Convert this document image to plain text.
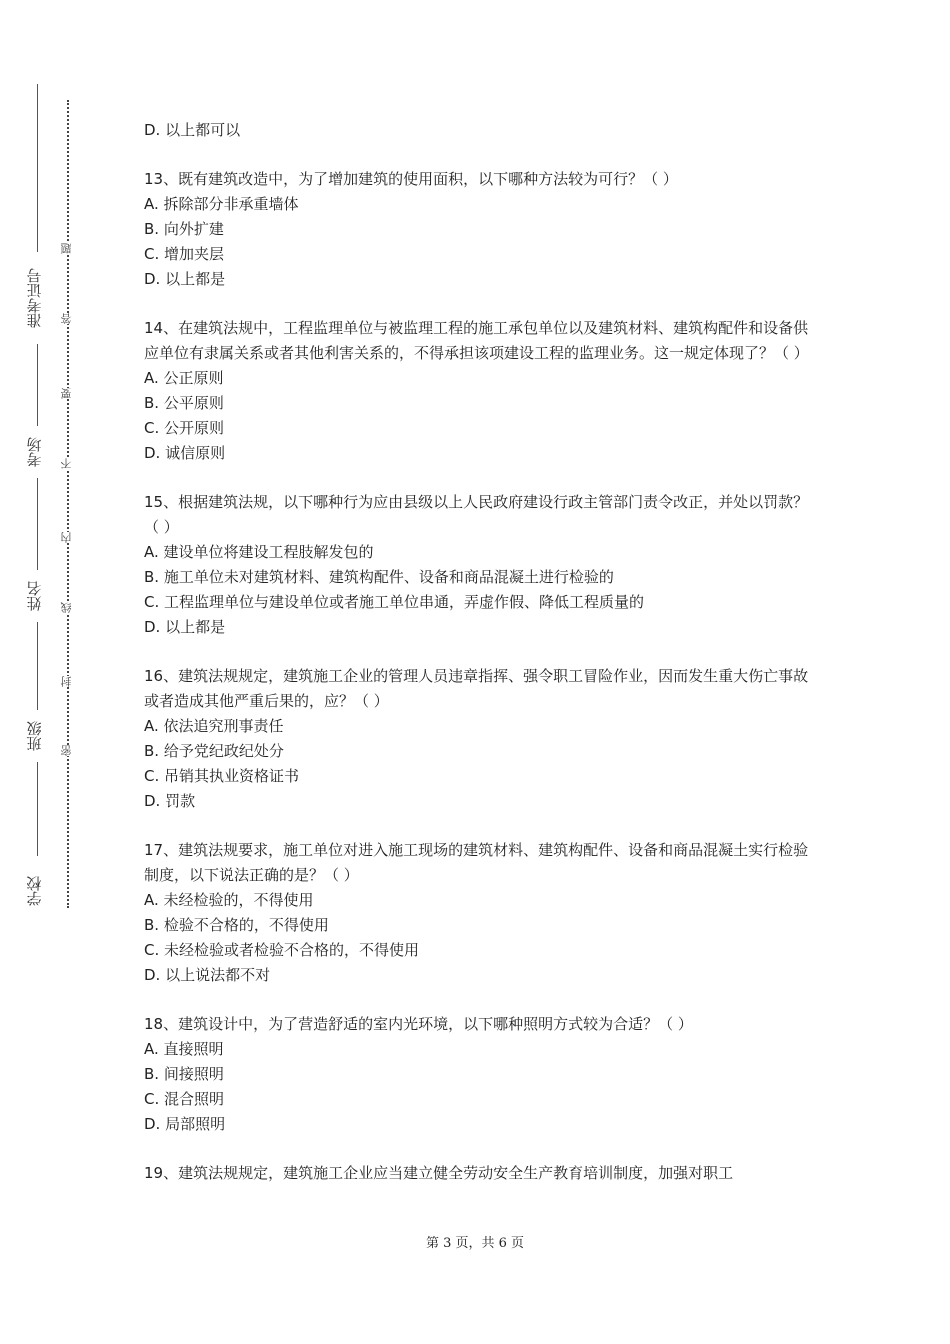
准考证号
考场
姓名
班级
学校
题
答
要
不
内
线
封
密
D. 以上都可以
13、既有建筑改造中，为了增加建筑的使用面积，以下哪种方法较为可行？（ ）
A. 拆除部分非承重墙体
B. 向外扩建
C. 增加夹层
D. 以上都是
14、在建筑法规中，工程监理单位与被监理工程的施工承包单位以及建筑材料、建筑构配件和设备供应单位有隶属关系或者其他利害关系的，不得承担该项建设工程的监理业务。这一规定体现了？（ ）
A. 公正原则
B. 公平原则
C. 公开原则
D. 诚信原则
15、根据建筑法规，以下哪种行为应由县级以上人民政府建设行政主管部门责令改正，并处以罚款？（ ）
A. 建设单位将建设工程肢解发包的
B. 施工单位未对建筑材料、建筑构配件、设备和商品混凝土进行检验的
C. 工程监理单位与建设单位或者施工单位串通，弄虚作假、降低工程质量的
D. 以上都是
16、建筑法规规定，建筑施工企业的管理人员违章指挥、强令职工冒险作业，因而发生重大伤亡事故或者造成其他严重后果的，应？（ ）
A. 依法追究刑事责任
B. 给予党纪政纪处分
C. 吊销其执业资格证书
D. 罚款
17、建筑法规要求，施工单位对进入施工现场的建筑材料、建筑构配件、设备和商品混凝土实行检验制度，以下说法正确的是？（ ）
A. 未经检验的，不得使用
B. 检验不合格的，不得使用
C. 未经检验或者检验不合格的，不得使用
D. 以上说法都不对
18、建筑设计中，为了营造舒适的室内光环境，以下哪种照明方式较为合适？（ ）
A. 直接照明
B. 间接照明
C. 混合照明
D. 局部照明
19、建筑法规规定，建筑施工企业应当建立健全劳动安全生产教育培训制度，加强对职工
第 3 页，共 6 页
